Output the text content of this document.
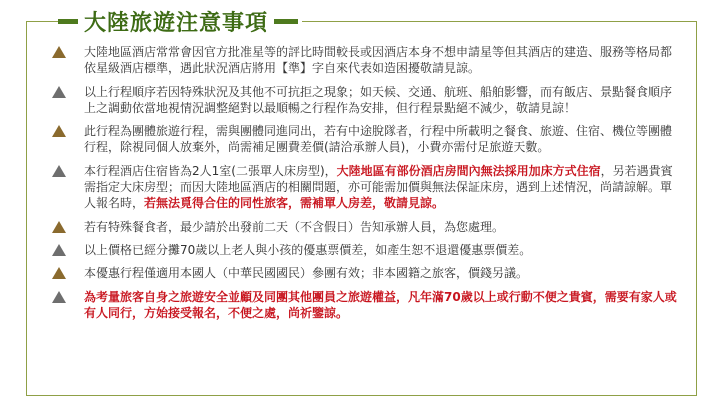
大陸旅遊注意事項
大陸地區酒店常常會因官方批准星等的評比時間較長或因酒店本身不想申請星等但其酒店的建造、服務等格局都依星級酒店標準，遇此狀況酒店將用【準】字自來代表如造困擾敬請見諒。
以上行程順序若因特殊狀況及其他不可抗拒之現象；如天候、交通、航班、船舶影響，而有飯店、景點餐食順序上之調動依當地視情況調整絕對以最順暢之行程作為安排，但行程景點絕不減少，敬請見諒！
此行程為團體旅遊行程，需與團體同進同出，若有中途脫隊者，行程中所載明之餐食、旅遊、住宿、機位等團體行程，除視同個人放棄外，尚需補足團費差價(請洽承辦人員)，小費亦需付足旅遊天數。
本行程酒店住宿皆為2人1室(二張單人床房型)，大陸地區有部份酒店房間內無法採用加床方式住宿，另若遇貴賓需指定大床房型；而因大陸地區酒店的相關問題，亦可能需加價與無法保証床房，遇到上述情況，尚請諒解。單人報名時，若無法覓得合住的同性旅客，需補單人房差，敬請見諒。
若有特殊餐食者，最少請於出發前二天（不含假日）告知承辦人員，為您處理。
以上價格已經分攤70歲以上老人與小孩的優惠票價差，如產生恕不退還優惠票價差。
本優惠行程僅適用本國人（中華民國國民）參團有效；非本國籍之旅客，價錢另議。
為考量旅客自身之旅遊安全並顧及同團其他團員之旅遊權益，凡年滿70歲以上或行動不便之貴賓，需要有家人或有人同行，方始接受報名，不便之處，尚祈鑒諒。
